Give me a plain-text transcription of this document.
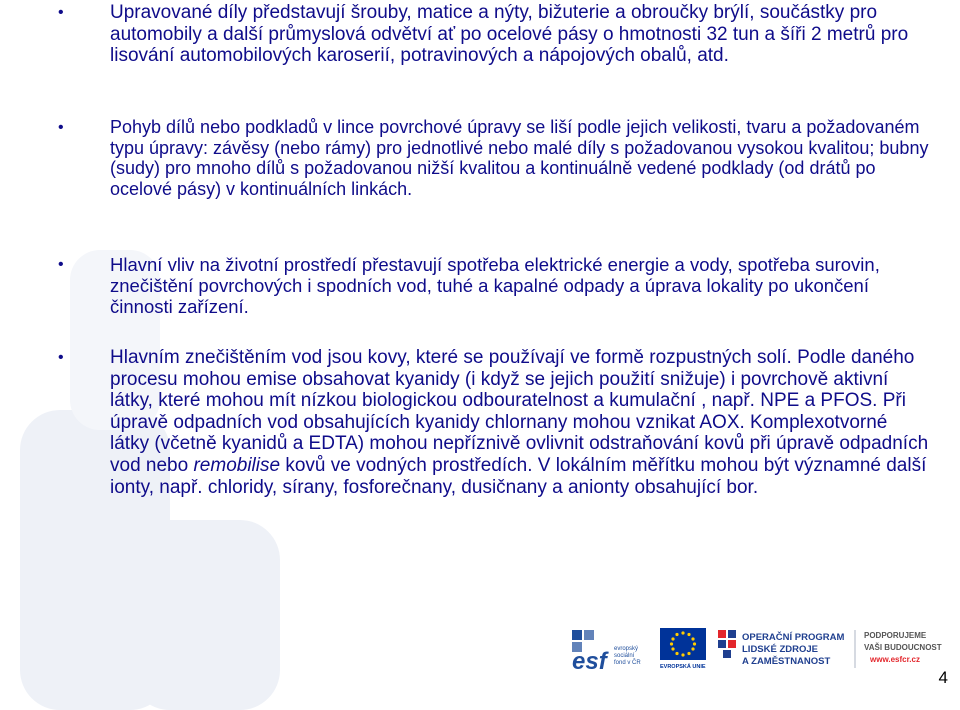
• Upravované díly představují šrouby, matice a nýty, bižuterie a obroučky brýlí, součástky pro automobily a další průmyslová odvětví ať po ocelové pásy o hmotnosti 32 tun a šíři 2 metrů pro lisování automobilových karoserií, potravinových a nápojových obalů, atd.

•	Pohyb dílů nebo podkladů v lince povrchové úpravy se liší podle jejich velikosti, tvaru a požadovaném typu úpravy: závěsy (nebo rámy) pro jednotlivé nebo malé díly s požadovanou vysokou kvalitou; bubny (sudy) pro mnoho dílů s požadovanou nižší kvalitou a kontinuálně vedené podklady (od drátů po ocelové pásy) v kontinuálních linkách.

•	Hlavní vliv na životní prostředí přestavují spotřeba elektrické energie a vody, spotřeba surovin, znečištění povrchových i spodních vod, tuhé a kapalné odpady a úprava lokality po ukončení činnosti zařízení.

• Hlavním znečištěním vod jsou kovy, které se používají ve formě rozpustných solí. Podle daného procesu mohou emise obsahovat kyanidy (i když se jejich použití snižuje) i povrchově aktivní látky, které mohou mít nízkou biologickou odbouratelnost a kumulační , např. NPE a PFOS. Při úpravě odpadních vod obsahujících kyanidy chlornany mohou vznikat AOX. Komplexotvorné látky (včetně kyanidů a EDTA) mohou nepříznivě ovlivnit odstraňování kovů při úpravě odpadních vod nebo remobilise kovů ve vodných prostředích. V lokálním měřítku mohou být významné další ionty, např. chloridy, sírany, fosforečnany, dusičnany a anionty obsahující bor.

esf	evropský
sociální
fond v ČR
EVROPSKÁ UNIE
OPERAČNÍ PROGRAM
LIDSKÉ ZDROJE
A ZAMĚSTNANOST
PODPORUJEME
VAŠI BUDOUCNOST
www.esfcr.cz
4
